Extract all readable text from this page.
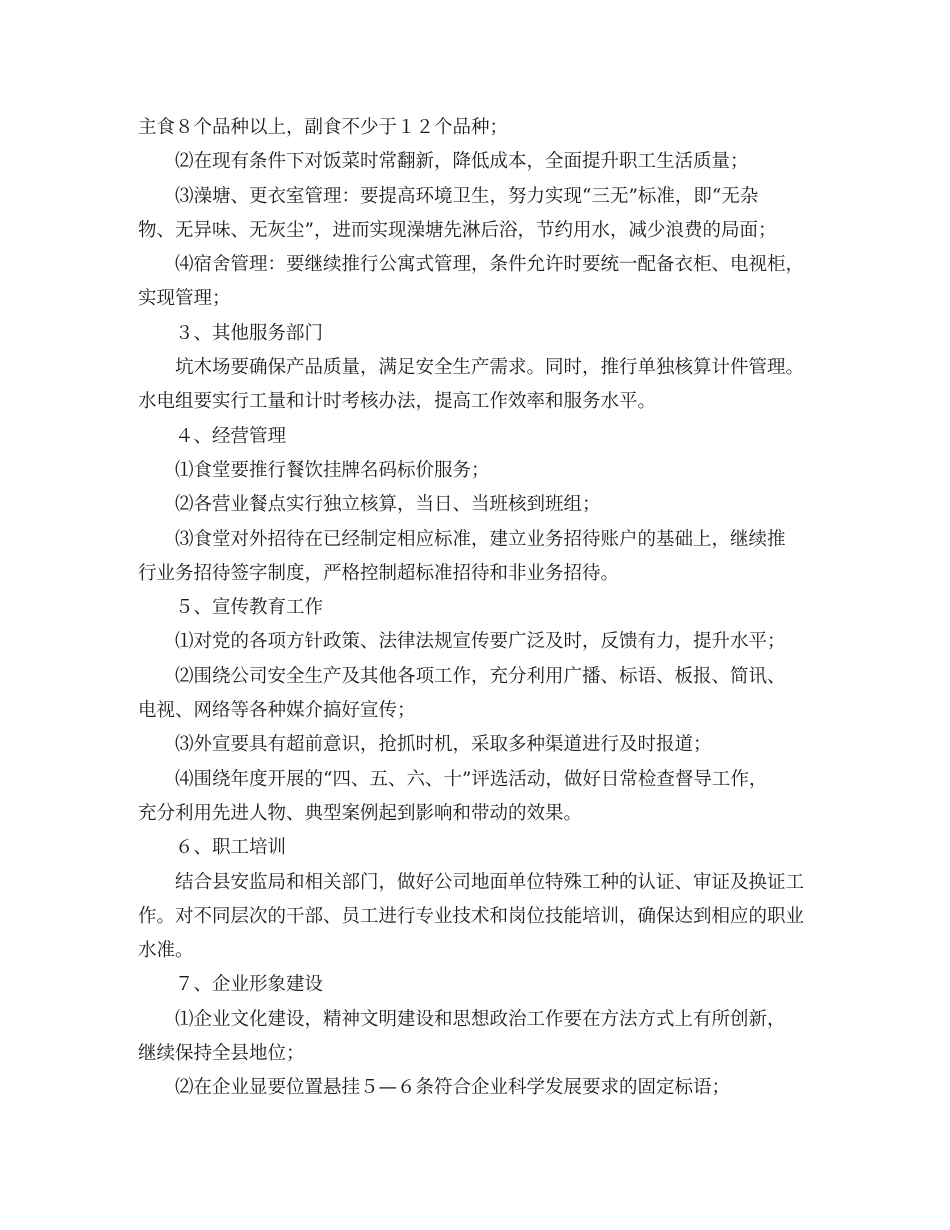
主食８个品种以上，副食不少于１２个品种；
⑵在现有条件下对饭菜时常翻新，降低成本，全面提升职工生活质量；
⑶澡塘、更衣室管理：要提高环境卫生，努力实现“三无”标准，即“无杂
物、无异味、无灰尘”，进而实现澡塘先淋后浴，节约用水，减少浪费的局面；
⑷宿舍管理：要继续推行公寓式管理，条件允许时要统一配备衣柜、电视柜，
实现管理；
３、其他服务部门
坑木场要确保产品质量，满足安全生产需求。同时，推行单独核算计件管理。
水电组要实行工量和计时考核办法，提高工作效率和服务水平。
４、经营管理
⑴食堂要推行餐饮挂牌名码标价服务；
⑵各营业餐点实行独立核算，当日、当班核到班组；
⑶食堂对外招待在已经制定相应标准，建立业务招待账户的基础上，继续推
行业务招待签字制度，严格控制超标准招待和非业务招待。
５、宣传教育工作
⑴对党的各项方针政策、法律法规宣传要广泛及时，反馈有力，提升水平；
⑵围绕公司安全生产及其他各项工作，充分利用广播、标语、板报、简讯、
电视、网络等各种媒介搞好宣传；
⑶外宣要具有超前意识，抢抓时机，采取多种渠道进行及时报道；
⑷围绕年度开展的“四、五、六、十”评选活动，做好日常检查督导工作，
充分利用先进人物、典型案例起到影响和带动的效果。
６、职工培训
结合县安监局和相关部门，做好公司地面单位特殊工种的认证、审证及换证工
作。对不同层次的干部、员工进行专业技术和岗位技能培训，确保达到相应的职业
水准。
７、企业形象建设
⑴企业文化建设，精神文明建设和思想政治工作要在方法方式上有所创新，
继续保持全县地位；
⑵在企业显要位置悬挂５—６条符合企业科学发展要求的固定标语；
